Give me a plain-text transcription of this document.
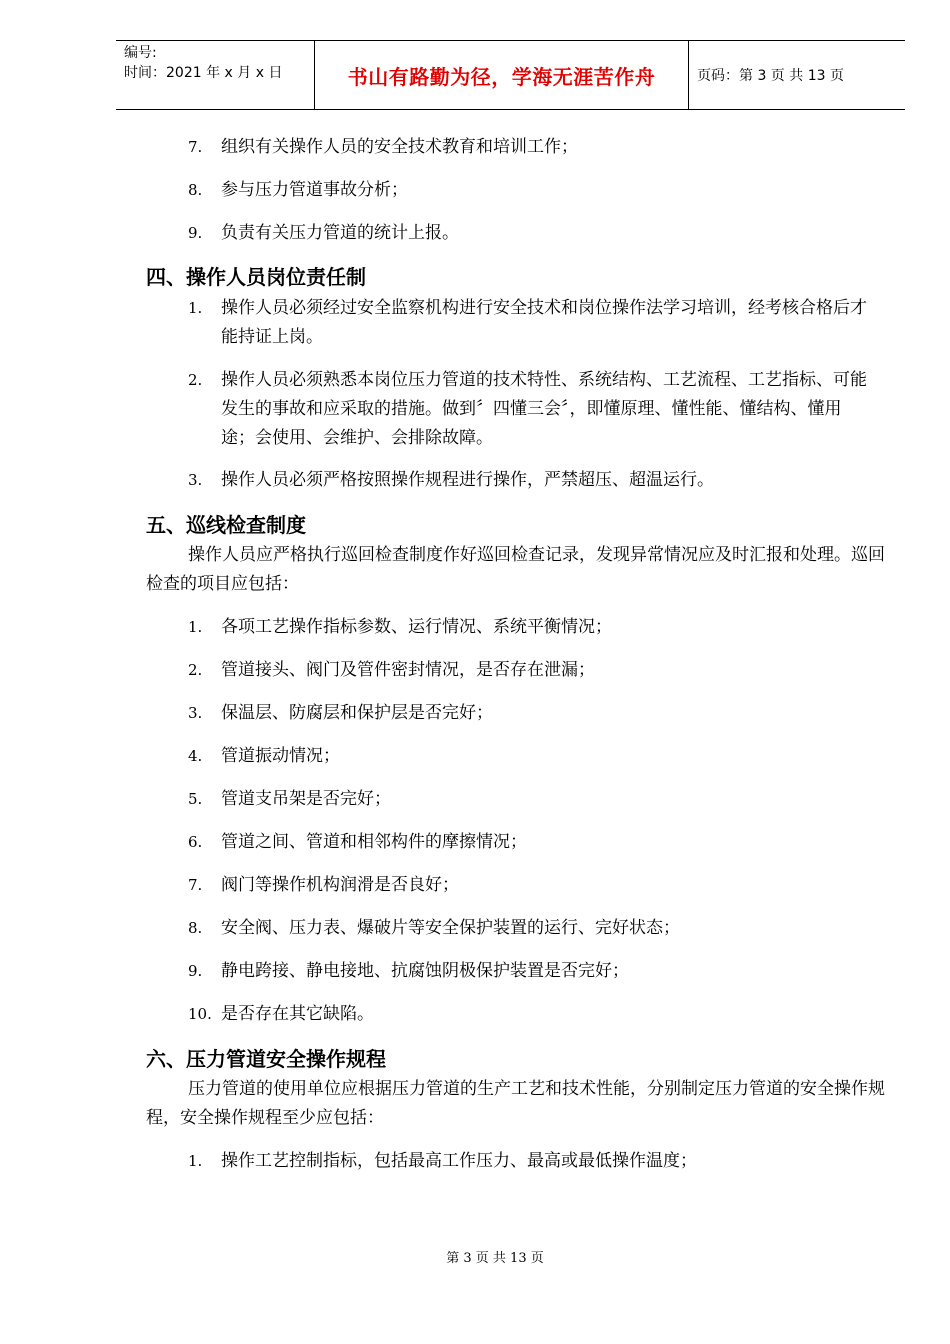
编号:
时间：2021 年 x 月 x 日	书山有路勤为径，学海无涯苦作舟	页码：第 3 页 共 13 页
7.	组织有关操作人员的安全技术教育和培训工作；
8.	参与压力管道事故分析；
9.	负责有关压力管道的统计上报。
四、操作人员岗位责任制
1.	操作人员必须经过安全监察机构进行安全技术和岗位操作法学习培训，经考核合格后才能持证上岗。
2.	操作人员必须熟悉本岗位压力管道的技术特性、系统结构、工艺流程、工艺指标、可能发生的事故和应采取的措施。做到〞四懂三会〞，即懂原理、懂性能、懂结构、懂用途；会使用、会维护、会排除故障。
3.	操作人员必须严格按照操作规程进行操作，严禁超压、超温运行。
五、巡线检查制度
操作人员应严格执行巡回检查制度作好巡回检查记录，发现异常情况应及时汇报和处理。巡回检查的项目应包括：
1.	各项工艺操作指标参数、运行情况、系统平衡情况；
2.	管道接头、阀门及管件密封情况，是否存在泄漏；
3.	保温层、防腐层和保护层是否完好；
4.	管道振动情况；
5.	管道支吊架是否完好；
6.	管道之间、管道和相邻构件的摩擦情况；
7.	阀门等操作机构润滑是否良好；
8.	安全阀、压力表、爆破片等安全保护装置的运行、完好状态；
9.	静电跨接、静电接地、抗腐蚀阴极保护装置是否完好；
10. 是否存在其它缺陷。
六、压力管道安全操作规程
压力管道的使用单位应根据压力管道的生产工艺和技术性能，分别制定压力管道的安全操作规程，安全操作规程至少应包括：
1.	操作工艺控制指标，包括最高工作压力、最高或最低操作温度；
第 3 页 共 13 页
